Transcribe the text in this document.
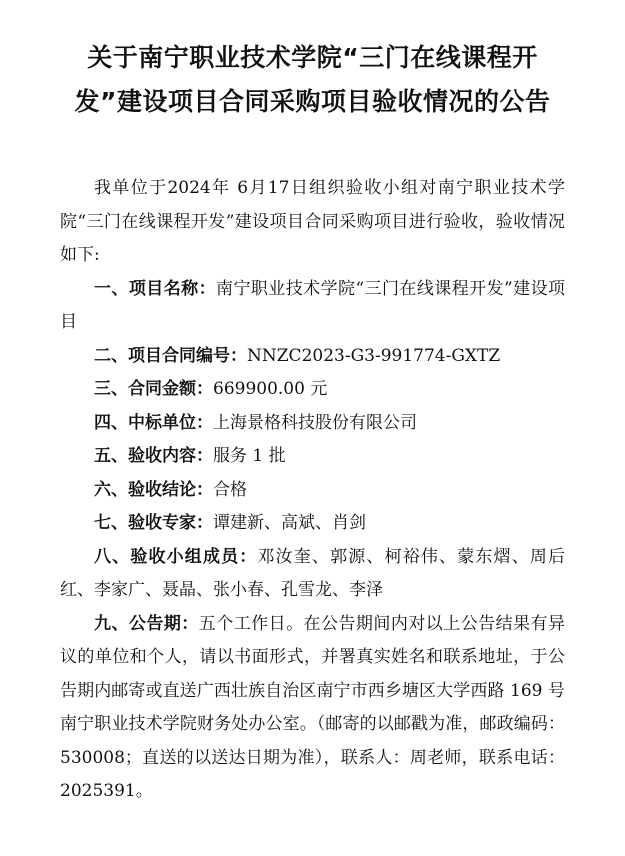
关于南宁职业技术学院“三门在线课程开
发”建设项目合同采购项目验收情况的公告

我单位于2024年 6月17日组织验收小组对南宁职业技术学院“三门在线课程开发”建设项目合同采购项目进行验收，验收情况如下:

一、项目名称：南宁职业技术学院“三门在线课程开发”建设项目

二、项目合同编号：NNZC2023-G3-991774-GXTZ

三、合同金额：669900.00 元

四、中标单位：上海景格科技股份有限公司

五、验收内容：服务 1 批

六、验收结论：合格

七、验收专家：谭建新、高斌、肖剑

八、验收小组成员：邓汝奎、郭源、柯裕伟、蒙东熠、周后红、李家广、聂晶、张小春、孔雪龙、李泽

九、公告期：五个工作日。在公告期间内对以上公告结果有异议的单位和个人，请以书面形式，并署真实姓名和联系地址，于公告期内邮寄或直送广西壮族自治区南宁市西乡塘区大学西路 169 号南宁职业技术学院财务处办公室。（邮寄的以邮戳为准，邮政编码：530008；直送的以送达日期为准），联系人：周老师，联系电话：2025391。
